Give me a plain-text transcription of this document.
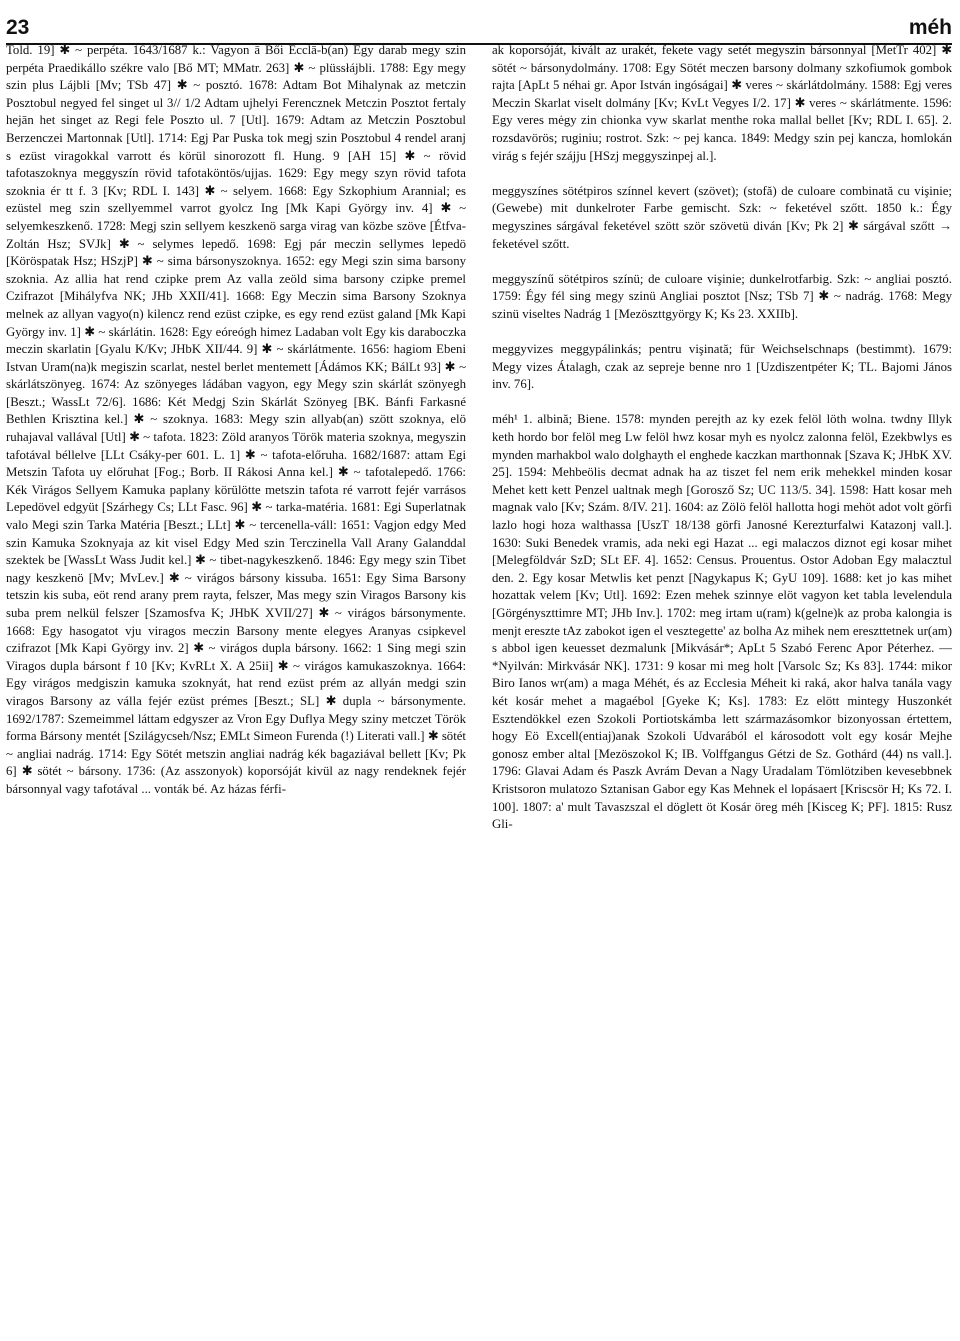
23	méh

Told. 19] ✱ ~ perpéta. 1643/1687 k.: Vagyon ā Bői Ecclā-b(an) Egy darab megy szin perpéta Praedikállo székre valo [Bő MT; MMatr. 263] ✱ ~ plüssłájbli. 1788: Egy megy szin plus Lájbli [Mv; TSb 47] ✱ ~ posztó. 1678: Adtam Bot Mihalynak az metczin Posztobul negyed fel singet ul 3// 1/2 Adtam ujhelyi Ferencznek Metczin Posztot fertaly hejān het singet az Regi fele Poszto ul. 7 [Utl]. 1679: Adtam az Metczin Posztobul Berzenczei Martonnak [Utl]. 1714: Egj Par Puska tok megj szin Posztobul 4 rendel aranj s ezüst viragokkal varrott és körül sinorozott fl. Hung. 9 [AH 15] ✱ ~ rövid tafotaszoknya meggyszín rövid tafotaköntös/ujjas. 1629: Egy megy szyn rövid tafota szoknia ér tt f. 3 [Kv; RDL I. 143] ✱ ~ selyem. 1668: Egy Szkophium Arannial; es ezüstel meg szin szellyemmel varrot gyolcz Ing [Mk Kapi György inv. 4] ✱ ~ selyemkeszkenő. 1728: Megj szin sellyem keszkenö sarga virag van közbe szöve [Étfva-Zoltán Hsz; SVJk] ✱ ~ selymes lepedő. 1698: Egj pár meczin sellymes lepedö [Köröspatak Hsz; HSzjP] ✱ ~ sima bársonyszoknya. 1652: egy Megi szin sima barsony szoknia. Az allia hat rend czipke prem Az valla zeöld sima barsony czipke premel Czifrazot [Mihályfva NK; JHb XXII/41]. 1668: Egy Meczin sima Barsony Szoknya melnek az allyan vagyo(n) kilencz rend ezüst czipke, es egy rend ezüst galand [Mk Kapi György inv. 1] ✱ ~ skárlátin. 1628: Egy eóreógh himez Ladaban volt Egy kis daraboczka meczin skarlatin [Gyalu K/Kv; JHbK XII/44. 9] ✱ ~ skárlátmente. 1656: hagiom Ebeni Istvan Uram(na)k megiszin scarlat, nestel berlet mentemett [Ádámos KK; BálLt 93] ✱ ~ skárlátszönyeg. 1674: Az szönyeges ládában vagyon, egy Megy szin skárlát szönyegh [Beszt.; WassLt 72/6]. 1686: Két Medgj Szin Skárlát Szönyeg [BK. Bánfi Farkasné Bethlen Krisztina kel.] ✱ ~ szoknya. 1683: Megy szin allyab(an) szött szoknya, elö ruhajaval vallával [Utl] ✱ ~ tafota. 1823: Zöld aranyos Török materia szoknya, megyszin tafotával béllelve [LLt Csáky-per 601. L. 1] ✱ ~ tafota-előruha. 1682/1687: attam Egi Metszin Tafota uy előruhat [Fog.; Borb. II Rákosi Anna kel.] ✱ ~ tafotalepedő. 1766: Kék Virágos Sellyem Kamuka paplany körülötte metszin tafota ré varrott fejér varrásos Lepedövel edgyüt [Szárhegy Cs; LLt Fasc. 96] ✱ ~ tarka-matéria. 1681: Egi Superlatnak valo Megi szin Tarka Matéria [Beszt.; LLt] ✱ ~ tercenella-váll: 1651: Vagjon edgy Med szin Kamuka Szoknyaja az kit visel Edgy Med szin Terczinella Vall Arany Galanddal szektek be [WassLt Wass Judit kel.] ✱ ~ tibet-nagykeszkenő. 1846: Egy megy szin Tibet nagy keszkenö [Mv; MvLev.] ✱ ~ virágos bársony kissuba. 1651: Egy Sima Barsony tetszin kis suba, eöt rend arany prem rayta, felszer, Mas megy szin Viragos Barsony kis suba prem nelkül felszer [Szamosfva K; JHbK XVII/27] ✱ ~ virágos bársonymente. 1668: Egy hasogatot vju viragos meczin Barsony mente elegyes Aranyas csipkevel czifrazot [Mk Kapi György inv. 2] ✱ ~ virágos dupla bársony. 1662: 1 Sing megi szin Viragos dupla bársont f 10 [Kv; KvRLt X. A 25ii] ✱ ~ virágos kamukaszoknya. 1664: Egy virágos medgiszin kamuka szoknyát, hat rend ezüst prém az allyán medgi szin viragos Barsony az válla fejér ezüst prémes [Beszt.; SL] ✱ dupla ~ bársonymente. 1692/1787: Szemeimmel láttam edgyszer az Vron Egy Duflya Megy sziny metczet Török forma Bársony mentét [Szilágycseh/Nsz; EMLt Simeon Furenda (!) Literati vall.] ✱ sötét ~ angliai nadrág. 1714: Egy Sötét metszin angliai nadrág kék bagaziával bellett [Kv; Pk 6] ✱ sötét ~ bársony. 1736: (Az asszonyok) koporsóját kivül az nagy rendeknek fejér bársonnyal vagy tafotával ... vonták bé. Az házas férfi-

ak koporsóját, kivált az urakét, fekete vagy setét megyszin bársonnyal [MetTr 402] ✱ sötét ~ bársonydolmány. 1708: Egy Sötét meczen barsony dolmany szkofiumok gombok rajta [ApLt 5 néhai gr. Apor István ingóságai] ✱ veres ~ skárlátdolmány. 1588: Egj veres Meczin Skarlat viselt dolmány [Kv; KvLt Vegyes I/2. 17] ✱ veres ~ skárlátmente. 1596: Egy veres mėgy zin chionka vyw skarlat menthe roka mallal bellet [Kv; RDL I. 65]. 2. rozsdavörös; ruginiu; rostrot. Szk: ~ pej kanca. 1849: Medgy szin pej kancza, homlokán virág s fejér szájju [HSzj meggyszinpej al.].

meggyszínes sötétpiros színnel kevert (szövet); (stofă) de culoare combinată cu vişinie; (Gewebe) mit dunkelroter Farbe gemischt. Szk: ~ feketével szőtt. 1850 k.: Égy megyszines sárgával feketével szött ször szövetü diván [Kv; Pk 2] ✱ sárgával szőtt → feketével szőtt.

meggyszínű sötétpiros színü; de culoare vişinie; dunkelrotfarbig. Szk: ~ angliai posztó. 1759: Égy fél sing megy szinü Angliai posztot [Nsz; TSb 7] ✱ ~ nadrág. 1768: Megy szinü viseltes Nadrág 1 [Mezöszttgyörgy K; Ks 23. XXIIb].

meggyvizes meggypálinkás; pentru vişinată; für Weichselschnaps (bestimmt). 1679: Megy vizes Átalagh, czak az sepreje benne nro 1 [Uzdiszentpéter K; TL. Bajomi János inv. 76].

méh¹ 1. albină; Biene. 1578: mynden perejth az ky ezek felöl löth wolna. twdny Illyk keth hordo bor felöl meg Lw felöl hwz kosar myh es nyolcz zalonna felöl, Ezekbwlys es mynden marhakbol walo dolghayth el enghede kaczkan marthonnak [Szava K; JHbK XV. 25]. 1594: Mehbeölis decmat adnak ha az tiszet fel nem erik mehekkel minden kosar Mehet kett kett Penzel ualtnak megh [Gorosző Sz; UC 113/5. 34]. 1598: Hatt kosar meh magnak valo [Kv; Szám. 8/IV. 21]. 1604: az Zölö felöl hallotta hogi mehöt adot volt görfi lazlo hogi hoza walthassa [UszT 18/138 görfi Janosné Kerezturfalwi Katazonj vall.]. 1630: Suki Benedek vramis, ada neki egi Hazat ... egi malaczos diznot egi kosar mihet [Melegföldvár SzD; SLt EF. 4]. 1652: Census. Prouentus. Ostor Adoban Egy malacztul den. 2. Egy kosar Metwlis ket penzt [Nagykapus K; GyU 109]. 1688: ket jo kas mihet hozattak velem [Kv; Utl]. 1692: Ezen mehek szinnye elöt vagyon ket tabla levelendula [Görgényszttimre MT; JHb Inv.]. 1702: meg irtam u(ram) k(gelne)k az proba kalongia is menjt ereszte tAz zabokot igen el vesztegette' az bolha Az mihek nem ereszttetnek ur(am) s abbol igen keuesset dezmalunk [Mikvásár*; ApLt 5 Szabó Ferenc Apor Péterhez. — *Nyilván: Mirkvásár NK]. 1731: 9 kosar mi meg holt [Varsolc Sz; Ks 83]. 1744: mikor Biro Ianos wr(am) a maga Méhét, és az Ecclesia Méheit ki raká, akor halva tanála vagy két kosár mehet a magaébol [Gyeke K; Ks]. 1783: Ez elött mintegy Huszonkét Esztendökkel ezen Szokoli Portiotskámba lett származásomkor bizonyossan értettem, hogy Eö Excell(entiaj)anak Szokoli Udvarából el károsodott volt egy kosár Mejhe gonosz ember altal [Mezöszokol K; IB. Volffgangus Gétzi de Sz. Gothárd (44) ns vall.]. 1796: Glavai Adam és Paszk Avrám Devan a Nagy Uradalam Tömlötziben kevesebbnek Kristsoron mulatozo Sztanisan Gabor egy Kas Mehnek el lopásaert [Kriscsör H; Ks 72. I. 100]. 1807: a' mult Tavaszszal el döglett öt Kosár öreg méh [Kisceg K; PF]. 1815: Rusz Gli-
